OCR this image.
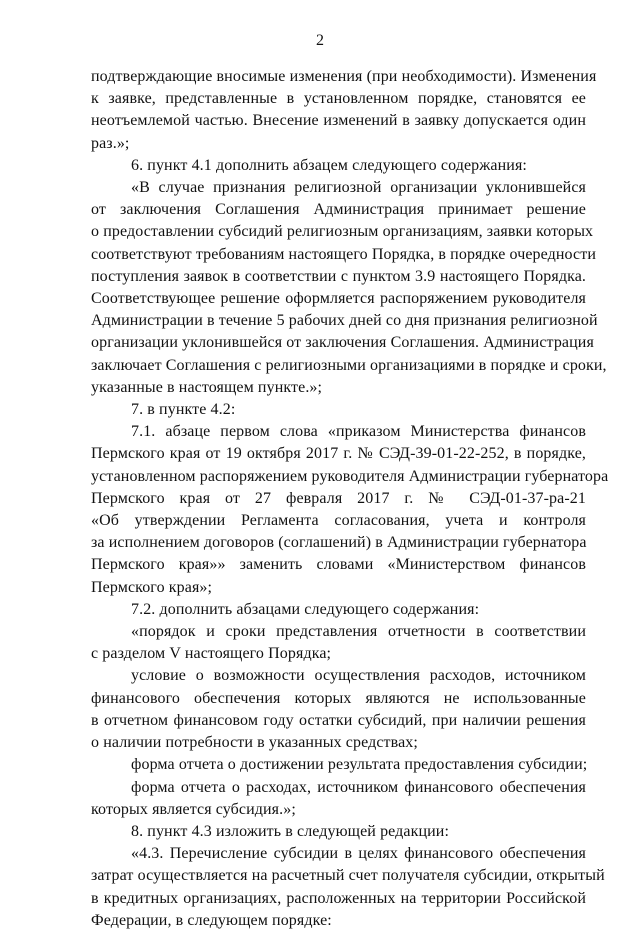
2
подтверждающие вносимые изменения (при необходимости). Изменения
к заявке, представленные в установленном порядке, становятся ее
неотъемлемой частью. Внесение изменений в заявку допускается один
раз.»;
6. пункт 4.1 дополнить абзацем следующего содержания:
«В случае признания религиозной организации уклонившейся
от заключения Соглашения Администрация принимает решение
о предоставлении субсидий религиозным организациям, заявки которых
соответствуют требованиям настоящего Порядка, в порядке очередности
поступления заявок в соответствии с пунктом 3.9 настоящего Порядка.
Соответствующее решение оформляется распоряжением руководителя
Администрации в течение 5 рабочих дней со дня признания религиозной
организации уклонившейся от заключения Соглашения. Администрация
заключает Соглашения с религиозными организациями в порядке и сроки,
указанные в настоящем пункте.»;
7. в пункте 4.2:
7.1. абзаце первом слова «приказом Министерства финансов
Пермского края от 19 октября 2017 г. № СЭД-39-01-22-252, в порядке,
установленном распоряжением руководителя Администрации губернатора
Пермского края от 27 февраля 2017 г. № СЭД-01-37-ра-21
«Об утверждении Регламента согласования, учета и контроля
за исполнением договоров (соглашений) в Администрации губернатора
Пермского края»» заменить словами «Министерством финансов
Пермского края»;
7.2. дополнить абзацами следующего содержания:
«порядок и сроки представления отчетности в соответствии
с разделом V настоящего Порядка;
условие о возможности осуществления расходов, источником
финансового обеспечения которых являются не использованные
в отчетном финансовом году остатки субсидий, при наличии решения
о наличии потребности в указанных средствах;
форма отчета о достижении результата предоставления субсидии;
форма отчета о расходах, источником финансового обеспечения
которых является субсидия.»;
8. пункт 4.3 изложить в следующей редакции:
«4.3. Перечисление субсидии в целях финансового обеспечения
затрат осуществляется на расчетный счет получателя субсидии, открытый
в кредитных организациях, расположенных на территории Российской
Федерации, в следующем порядке:
